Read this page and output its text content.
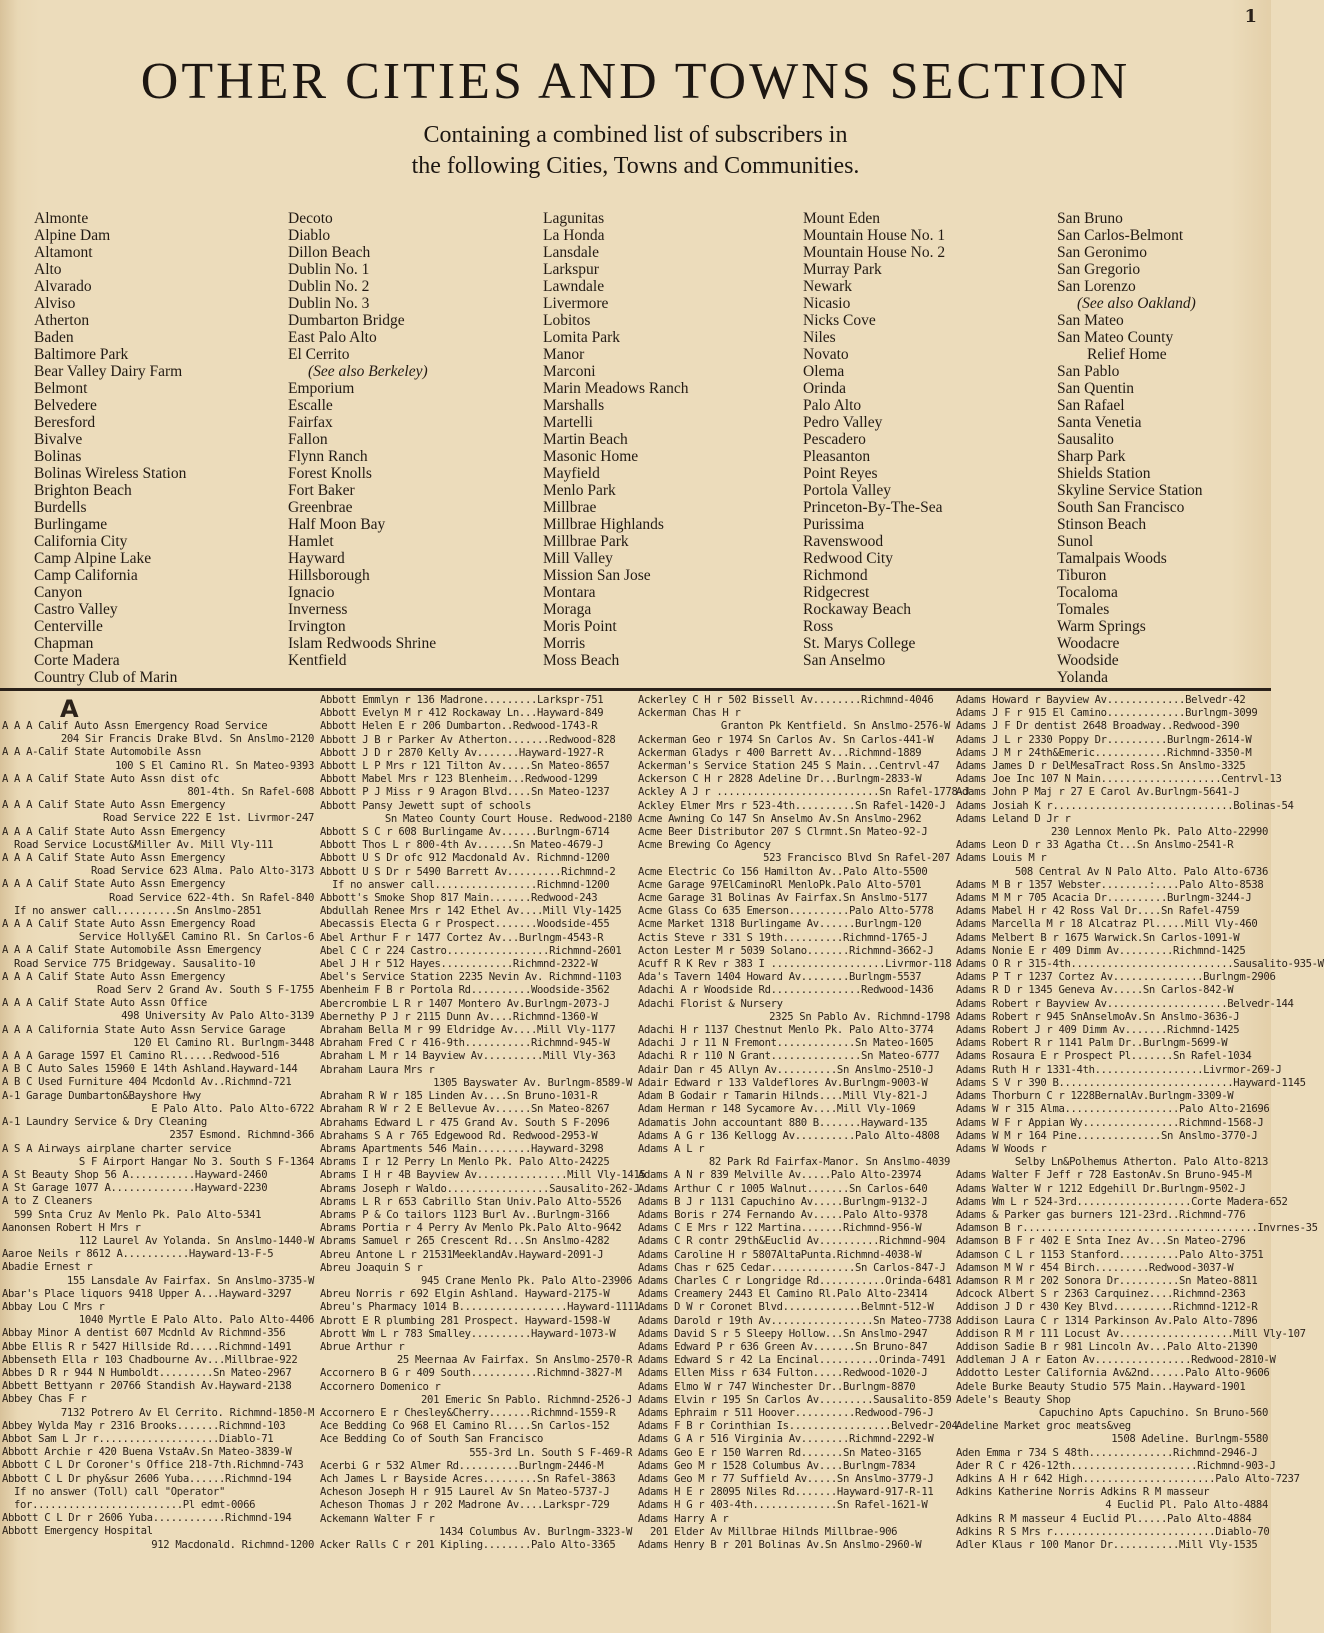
1
OTHER CITIES AND TOWNS SECTION
Containing a combined list of subscribers in
the following Cities, Towns and Communities.
Almonte
Alpine Dam
Altamont
Alto
Alvarado
Alviso
Atherton
Baden
Baltimore Park
Bear Valley Dairy Farm
Belmont
Belvedere
Beresford
Bivalve
Bolinas
Bolinas Wireless Station
Brighton Beach
Burdells
Burlingame
California City
Camp Alpine Lake
Camp California
Canyon
Castro Valley
Centerville
Chapman
Corte Madera
Country Club of Marin
Decoto
Diablo
Dillon Beach
Dublin No. 1
Dublin No. 2
Dublin No. 3
Dumbarton Bridge
East Palo Alto
El Cerrito
(See also Berkeley)
Emporium
Escalle
Fairfax
Fallon
Flynn Ranch
Forest Knolls
Fort Baker
Greenbrae
Half Moon Bay
Hamlet
Hayward
Hillsborough
Ignacio
Inverness
Irvington
Islam Redwoods Shrine
Kentfield
Lagunitas
La Honda
Lansdale
Larkspur
Lawndale
Livermore
Lobitos
Lomita Park
Manor
Marconi
Marin Meadows Ranch
Marshalls
Martelli
Martin Beach
Masonic Home
Mayfield
Menlo Park
Millbrae
Millbrae Highlands
Millbrae Park
Mill Valley
Mission San Jose
Montara
Moraga
Moris Point
Morris
Moss Beach
Mount Eden
Mountain House No. 1
Mountain House No. 2
Murray Park
Newark
Nicasio
Nicks Cove
Niles
Novato
Olema
Orinda
Palo Alto
Pedro Valley
Pescadero
Pleasanton
Point Reyes
Portola Valley
Princeton-By-The-Sea
Purissima
Ravenswood
Redwood City
Richmond
Ridgecrest
Rockaway Beach
Ross
St. Marys College
San Anselmo
San Bruno
San Carlos-Belmont
San Geronimo
San Gregorio
San Lorenzo
(See also Oakland)
San Mateo
San Mateo County
Relief Home
San Pablo
San Quentin
San Rafael
Santa Venetia
Sausalito
Sharp Park
Shields Station
Skyline Service Station
South San Francisco
Stinson Beach
Sunol
Tamalpais Woods
Tiburon
Tocaloma
Tomales
Warm Springs
Woodacre
Woodside
Yolanda
A
A A A Calif Auto Assn Emergency Road Service
204 Sir Francis Drake Blvd. Sn Anslmo-2120
A A A-Calif State Automobile Assn
100 S El Camino Rl. Sn Mateo-9393
A A A Calif State Auto Assn dist ofc
801-4th. Sn Rafel-608
A A A Calif State Auto Assn Emergency
Road Service 222 E 1st. Livrmor-247
A A A Calif State Auto Assn Emergency
Road Service Locust&Miller Av. Mill Vly-111
A A A Calif State Auto Assn Emergency
Road Service 623 Alma. Palo Alto-3173
A A A Calif State Auto Assn Emergency
Road Service 622-4th. Sn Rafel-840
If no answer call..........Sn Anslmo-2851
A A A Calif State Auto Assn Emergency Road
Service Holly&El Camino Rl. Sn Carlos-6
A A A Calif State Automobile Assn Emergency
Road Service 775 Bridgeway. Sausalito-10
A A A Calif State Auto Assn Emergency
Road Serv 2 Grand Av. South S F-1755
A A A Calif State Auto Assn Office
498 University Av Palo Alto-3139
A A A California State Auto Assn Service Garage
120 El Camino Rl. Burlngm-3448
A A A Garage 1597 El Camino Rl.....Redwood-516
A B C Auto Sales 15960 E 14th Ashland.Hayward-144
A B C Used Furniture 404 Mcdonld Av..Richmnd-721
A-1 Garage Dumbarton&Bayshore Hwy
E Palo Alto. Palo Alto-6722
A-1 Laundry Service & Dry Cleaning
2357 Esmond. Richmnd-366
A S A Airways airplane charter service
S F Airport Hangar No 3. South S F-1364
A St Beauty Shop 56 A...........Hayward-2460
A St Garage 1077 A..............Hayward-2230
A to Z Cleaners
599 Snta Cruz Av Menlo Pk. Palo Alto-5341
Aanonsen Robert H Mrs r
112 Laurel Av Yolanda. Sn Anslmo-1440-W
Aaroe Neils r 8612 A...........Hayward-13-F-5
Abadie Ernest r
155 Lansdale Av Fairfax. Sn Anslmo-3735-W
Abar's Place liquors 9418 Upper A...Hayward-3297
Abbay Lou C Mrs r
1040 Myrtle E Palo Alto. Palo Alto-4406
Abbay Minor A dentist 607 Mcdnld Av Richmnd-356
Abbe Ellis R r 5427 Hillside Rd.....Richmnd-1491
Abbenseth Ella r 103 Chadbourne Av...Millbrae-922
Abbes D R r 944 N Humboldt.........Sn Mateo-2967
Abbett Bettyann r 20766 Standish Av.Hayward-2138
Abbey Chas F r
7132 Potrero Av El Cerrito. Richmnd-1850-M
Abbey Wylda May r 2316 Brooks.......Richmnd-103
Abbot Sam L Jr r....................Diablo-71
Abbott Archie r 420 Buena VstaAv.Sn Mateo-3839-W
Abbott C L Dr Coroner's Office 218-7th.Richmnd-743
Abbott C L Dr phy&sur 2606 Yuba......Richmnd-194
If no answer (Toll) call "Operator"
for.........................Pl edmt-0066
Abbott C L Dr r 2606 Yuba............Richmnd-194
Abbott Emergency Hospital
912 Macdonald. Richmnd-1200
Abbott Emmlyn r 136 Madrone.........Larkspr-751
Abbott Evelyn M r 412 Rockaway Ln...Hayward-849
Abbott Helen E r 206 Dumbarton..Redwood-1743-R
Abbott J B r Parker Av Atherton.......Redwood-828
Abbott J D r 2870 Kelly Av.......Hayward-1927-R
Abbott L P Mrs r 121 Tilton Av.....Sn Mateo-8657
Abbott Mabel Mrs r 123 Blenheim...Redwood-1299
Abbott P J Miss r 9 Aragon Blvd....Sn Mateo-1237
Abbott Pansy Jewett supt of schools
Sn Mateo County Court House. Redwood-2180
Abbott S C r 608 Burlingame Av......Burlngm-6714
Abbott Thos L r 800-4th Av......Sn Mateo-4679-J
Abbott U S Dr ofc 912 Macdonald Av. Richmnd-1200
Abbott U S Dr r 5490 Barrett Av.........Richmnd-2
If no answer call.................Richmnd-1200
Abbott's Smoke Shop 817 Main.......Redwood-243
Abdullah Renee Mrs r 142 Ethel Av....Mill Vly-1425
Abecassis Electa G r Prospect.......Woodside-455
Abel Arthur F r 1477 Cortez Av...Burlngm-4543-R
Abel C C r 224 Castro.................Richmnd-2601
Abel J H r 512 Hayes............Richmnd-2322-W
Abel's Service Station 2235 Nevin Av. Richmnd-1103
Abenheim F B r Portola Rd..........Woodside-3562
Abercrombie L R r 1407 Montero Av.Burlngm-2073-J
Abernethy P J r 2115 Dunn Av....Richmnd-1360-W
Abraham Bella M r 99 Eldridge Av....Mill Vly-1177
Abraham Fred C r 416-9th...........Richmnd-945-W
Abraham L M r 14 Bayview Av..........Mill Vly-363
Abraham Laura Mrs r
1305 Bayswater Av. Burlngm-8589-W
Abraham R W r 185 Linden Av....Sn Bruno-1031-R
Abraham R W r 2 E Bellevue Av......Sn Mateo-8267
Abrahams Edward L r 475 Grand Av. South S F-2096
Abrahams S A r 765 Edgewood Rd. Redwood-2953-W
Abrams Apartments 546 Main.........Hayward-3298
Abrams I r 12 Perry Ln Menlo Pk. Palo Alto-24225
Abrams I H r 4B Bayview Av...............Mill Vly-1415
Abrams Joseph r Waldo.................Sausalito-262-J
Abrams L R r 653 Cabrillo Stan Univ.Palo Alto-5526
Abrams P & Co tailors 1123 Burl Av..Burlngm-3166
Abrams Portia r 4 Perry Av Menlo Pk.Palo Alto-9642
Abrams Samuel r 265 Crescent Rd...Sn Anslmo-4282
Abreu Antone L r 21531MeeklandAv.Hayward-2091-J
Abreu Joaquin S r
945 Crane Menlo Pk. Palo Alto-23906
Abreu Norris r 692 Elgin Ashland. Hayward-2175-W
Abreu's Pharmacy 1014 B..................Hayward-1111
Abrott E R plumbing 281 Prospect. Hayward-1598-W
Abrott Wm L r 783 Smalley..........Hayward-1073-W
Abrue Arthur r
25 Meernaa Av Fairfax. Sn Anslmo-2570-R
Accornero B G r 409 South...........Richmnd-3827-M
Accornero Domenico r
201 Emeric Sn Pablo. Richmnd-2526-J
Accornero E r Chesley&Cherry.......Richmnd-1559-R
Ace Bedding Co 968 El Camino Rl....Sn Carlos-152
Ace Bedding Co of South San Francisco
555-3rd Ln. South S F-469-R
Acerbi G r 532 Almer Rd..........Burlngm-2446-M
Ach James L r Bayside Acres.........Sn Rafel-3863
Acheson Joseph H r 915 Laurel Av Sn Mateo-5737-J
Acheson Thomas J r 202 Madrone Av....Larkspr-729
Ackemann Walter F r
1434 Columbus Av. Burlngm-3323-W
Acker Ralls C r 201 Kipling........Palo Alto-3365
Ackerley C H r 502 Bissell Av........Richmnd-4046
Ackerman Chas H r
Granton Pk Kentfield. Sn Anslmo-2576-W
Ackerman Geo r 1974 Sn Carlos Av. Sn Carlos-441-W
Ackerman Gladys r 400 Barrett Av...Richmnd-1889
Ackerman's Service Station 245 S Main...Centrvl-47
Ackerson C H r 2828 Adeline Dr...Burlngm-2833-W
Ackley A J r ...........................Sn Rafel-1778-J
Ackley Elmer Mrs r 523-4th..........Sn Rafel-1420-J
Acme Awning Co 147 Sn Anselmo Av.Sn Anslmo-2962
Acme Beer Distributor 207 S Clrmnt.Sn Mateo-92-J
Acme Brewing Co Agency
523 Francisco Blvd Sn Rafel-207
Acme Electric Co 156 Hamilton Av..Palo Alto-5500
Acme Garage 97ElCaminoRl MenloPk.Palo Alto-5701
Acme Garage 31 Bolinas Av Fairfax.Sn Anslmo-5177
Acme Glass Co 635 Emerson..........Palo Alto-5778
Acme Market 1318 Burlingame Av......Burlngm-120
Actis Steve r 331 S 19th..........Richmnd-1765-J
Acton Lester M r 5039 Solano.......Richmnd-3662-J
Acuff R K Rev r 383 I ...................Livrmor-118
Ada's Tavern 1404 Howard Av........Burlngm-5537
Adachi A r Woodside Rd...............Redwood-1436
Adachi Florist & Nursery
2325 Sn Pablo Av. Richmnd-1798
Adachi H r 1137 Chestnut Menlo Pk. Palo Alto-3774
Adachi J r 11 N Fremont.............Sn Mateo-1605
Adachi R r 110 N Grant...............Sn Mateo-6777
Adair Dan r 45 Allyn Av..........Sn Anslmo-2510-J
Adair Edward r 133 Valdeflores Av.Burlngm-9003-W
Adam B Godair r Tamarin Hilnds....Mill Vly-821-J
Adam Herman r 148 Sycamore Av....Mill Vly-1069
Adamatis John accountant 880 B.......Hayward-135
Adams A G r 136 Kellogg Av..........Palo Alto-4808
Adams A L r
82 Park Rd Fairfax-Manor. Sn Anslmo-4039
Adams A N r 839 Melville Av.....Palo Alto-23974
Adams Arthur C r 1005 Walnut.......Sn Carlos-640
Adams B J r 1131 Capuchino Av.....Burlngm-9132-J
Adams Boris r 274 Fernando Av.....Palo Alto-9378
Adams C E Mrs r 122 Martina.......Richmnd-956-W
Adams C R contr 29th&Euclid Av..........Richmnd-904
Adams Caroline H r 5807AltaPunta.Richmnd-4038-W
Adams Chas r 625 Cedar..............Sn Carlos-847-J
Adams Charles C r Longridge Rd...........Orinda-6481
Adams Creamery 2443 El Camino Rl.Palo Alto-23414
Adams D W r Coronet Blvd.............Belmnt-512-W
Adams Darold r 19th Av.................Sn Mateo-7738
Adams David S r 5 Sleepy Hollow...Sn Anslmo-2947
Adams Edward P r 636 Green Av.......Sn Bruno-847
Adams Edward S r 42 La Encinal..........Orinda-7491
Adams Ellen Miss r 634 Fulton.....Redwood-1020-J
Adams Elmo W r 747 Winchester Dr..Burlngm-8870
Adams Elvin r 195 Sn Carlos Av.........Sausalito-859
Adams Ephraim r 511 Hoover..........Redwood-796-J
Adams F B r Corinthian Is.................Belvedr-204
Adams G A r 516 Virginia Av........Richmnd-2292-W
Adams Geo E r 150 Warren Rd.......Sn Mateo-3165
Adams Geo M r 1528 Columbus Av....Burlngm-7834
Adams Geo M r 77 Suffield Av.....Sn Anslmo-3779-J
Adams H E r 28095 Niles Rd.......Hayward-917-R-11
Adams H G r 403-4th..............Sn Rafel-1621-W
Adams Harry A r
201 Elder Av Millbrae Hilnds Millbrae-906
Adams Henry B r 201 Bolinas Av.Sn Anslmo-2960-W
Adams Howard r Bayview Av.............Belvedr-42
Adams J F r 915 El Camino.............Burlngm-3099
Adams J F Dr dentist 2648 Broadway..Redwood-390
Adams J L r 2330 Poppy Dr..........Burlngm-2614-W
Adams J M r 24th&Emeric............Richmnd-3350-M
Adams James D r DelMesaTract Ross.Sn Anslmo-3325
Adams Joe Inc 107 N Main....................Centrvl-13
Adams John P Maj r 27 E Carol Av.Burlngm-5641-J
Adams Josiah K r..............................Bolinas-54
Adams Leland D Jr r
230 Lennox Menlo Pk. Palo Alto-22990
Adams Leon D r 33 Agatha Ct...Sn Anslmo-2541-R
Adams Louis M r
508 Central Av N Palo Alto. Palo Alto-6736
Adams M B r 1357 Webster........:....Palo Alto-8538
Adams M M r 705 Acacia Dr..........Burlngm-3244-J
Adams Mabel H r 42 Ross Val Dr....Sn Rafel-4759
Adams Marcella M r 18 Alcatraz Pl.....Mill Vly-460
Adams Melbert B r 1675 Warwick.Sn Carlos-1091-W
Adams Nonie E r 409 Dimm Av.........Richmnd-1425
Adams O R r 315-4th...........................Sausalito-935-W
Adams P T r 1237 Cortez Av...............Burlngm-2906
Adams R D r 1345 Geneva Av.....Sn Carlos-842-W
Adams Robert r Bayview Av....................Belvedr-144
Adams Robert r 945 SnAnselmoAv.Sn Anslmo-3636-J
Adams Robert J r 409 Dimm Av.......Richmnd-1425
Adams Robert R r 1141 Palm Dr..Burlngm-5699-W
Adams Rosaura E r Prospect Pl.......Sn Rafel-1034
Adams Ruth H r 1331-4th..................Livrmor-269-J
Adams S V r 390 B.............................Hayward-1145
Adams Thorburn C r 1228BernalAv.Burlngm-3309-W
Adams W r 315 Alma...................Palo Alto-21696
Adams W F r Appian Wy................Richmnd-1568-J
Adams W M r 164 Pine..............Sn Anslmo-3770-J
Adams W Woods r
Selby Ln&Polhemus Atherton. Palo Alto-8213
Adams Walter F Jeff r 728 EastonAv.Sn Bruno-945-M
Adams Walter W r 1212 Edgehill Dr.Burlngm-9502-J
Adams Wm L r 524-3rd...................Corte Madera-652
Adams & Parker gas burners 121-23rd..Richmnd-776
Adamson B r.......................................Invrnes-35
Adamson B F r 402 E Snta Inez Av...Sn Mateo-2796
Adamson C L r 1153 Stanford..........Palo Alto-3751
Adamson M W r 454 Birch.........Redwood-3037-W
Adamson R M r 202 Sonora Dr..........Sn Mateo-8811
Adcock Albert S r 2363 Carquinez....Richmnd-2363
Addison J D r 430 Key Blvd..........Richmnd-1212-R
Addison Laura C r 1314 Parkinson Av.Palo Alto-7896
Addison R M r 111 Locust Av...................Mill Vly-107
Addison Sadie B r 981 Lincoln Av...Palo Alto-21390
Addleman J A r Eaton Av................Redwood-2810-W
Addotto Lester California Av&2nd......Palo Alto-9606
Adele Burke Beauty Studio 575 Main..Hayward-1901
Adele's Beauty Shop
Capuchino Apts Capuchino. Sn Bruno-560
Adeline Market groc meats&veg
1508 Adeline. Burlngm-5580
Aden Emma r 734 S 48th..............Richmnd-2946-J
Ader R C r 426-12th.....................Richmnd-903-J
Adkins A H r 642 High......................Palo Alto-7237
Adkins Katherine Norris Adkins R M masseur
4 Euclid Pl. Palo Alto-4884
Adkins R M masseur 4 Euclid Pl.....Palo Alto-4884
Adkins R S Mrs r...........................Diablo-70
Adler Klaus r 100 Manor Dr...........Mill Vly-1535
